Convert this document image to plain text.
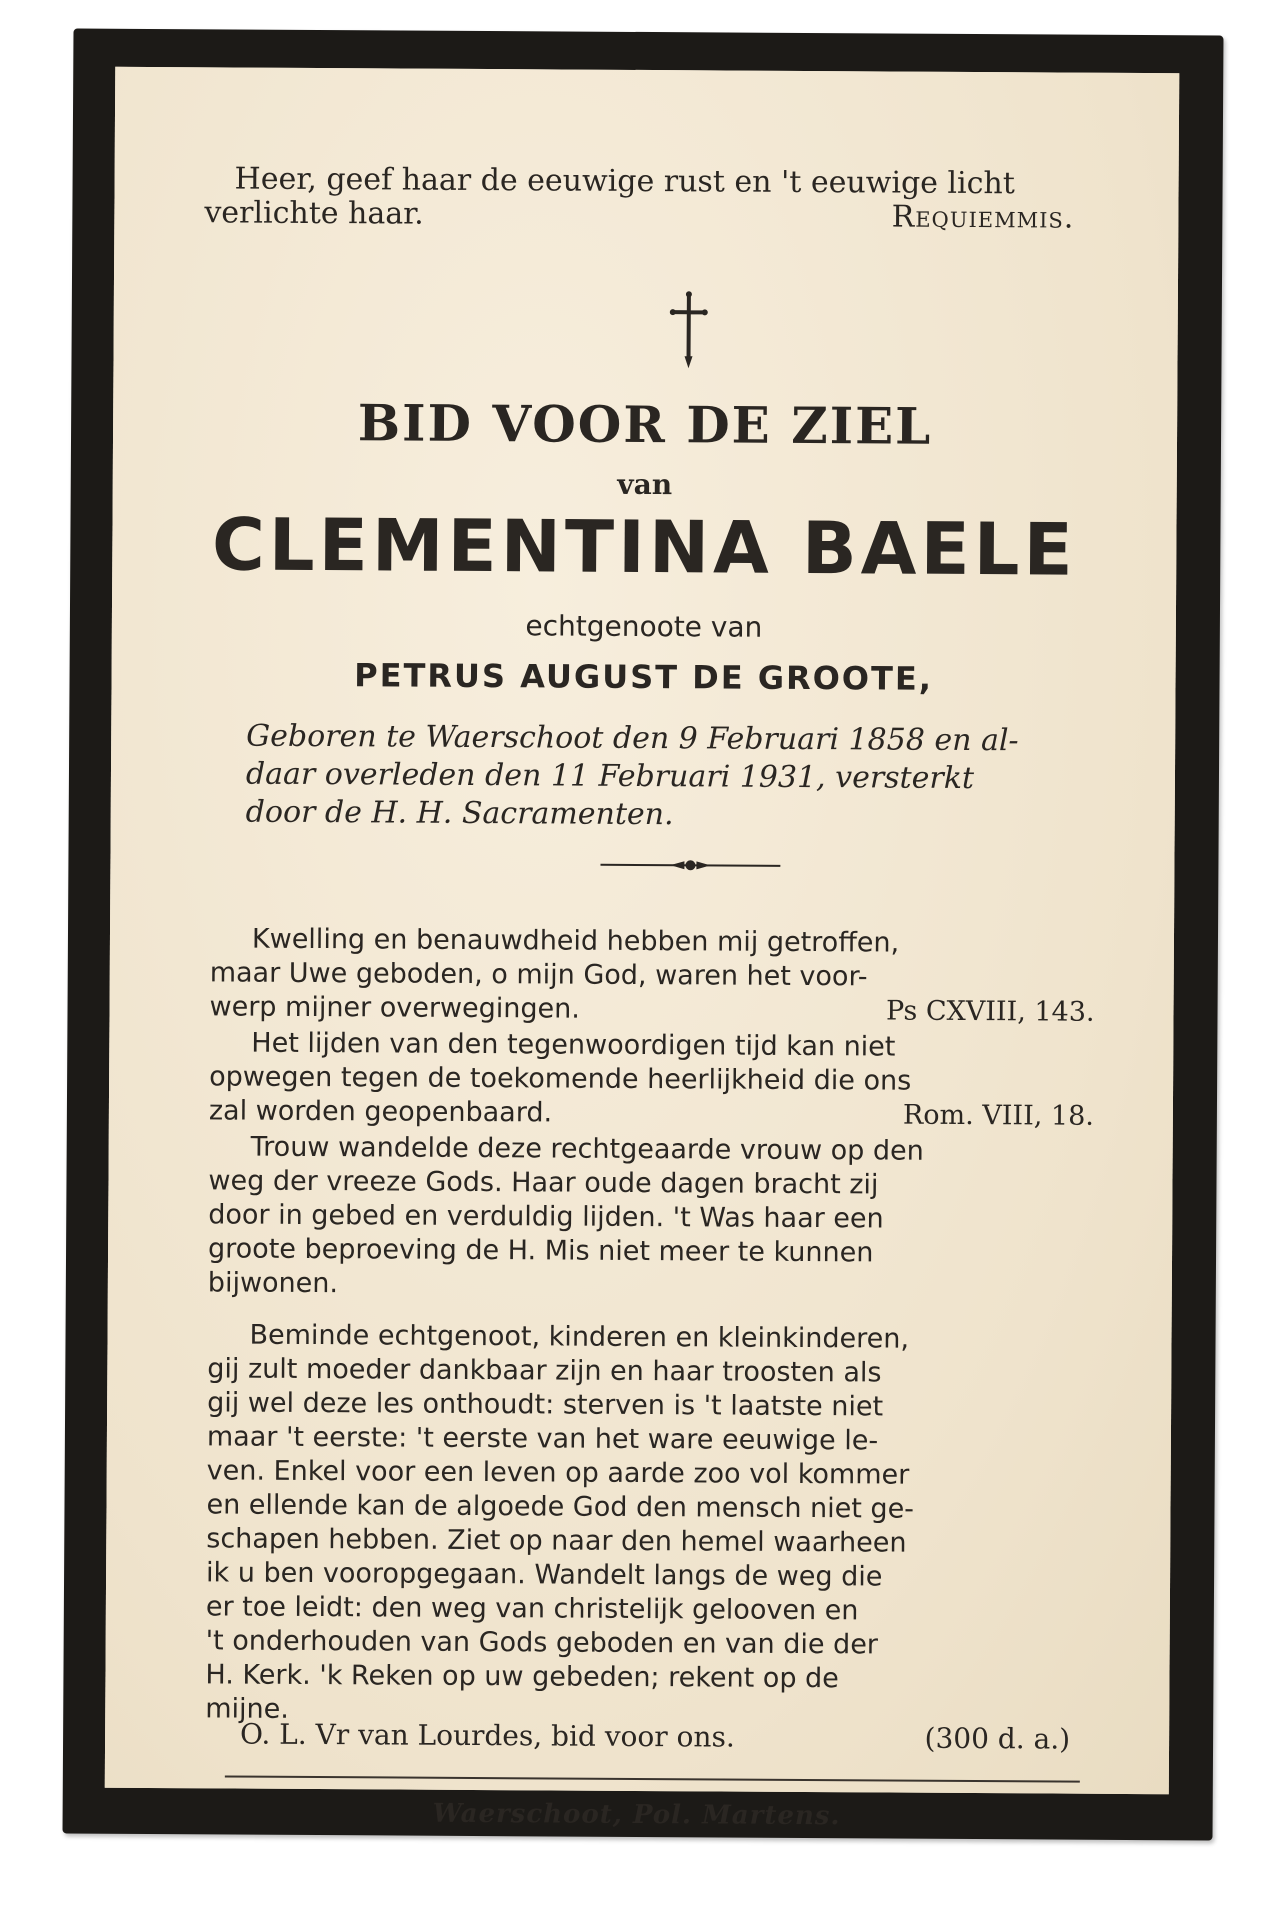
Heer, geef haar de eeuwige rust en 't eeuwige licht
verlichte haar.	Requiemmis.
BID VOOR DE ZIEL
van
CLEMENTINA BAELE
echtgenoote van
PETRUS AUGUST DE GROOTE,
Geboren te Waerschoot den 9 Februari 1858 en al-
daar overleden den 11 Februari 1931, versterkt
door de H. H. Sacramenten.
Kwelling en benauwdheid hebben mij getroffen,
maar Uwe geboden, o mijn God, waren het voor-
werp mijner overwegingen.	Ps CXVIII, 143.
Het lijden van den tegenwoordigen tijd kan niet
opwegen tegen de toekomende heerlijkheid die ons
zal worden geopenbaard.	Rom. VIII, 18.
Trouw wandelde deze rechtgeaarde vrouw op den
weg der vreeze Gods. Haar oude dagen bracht zij
door in gebed en verduldig lijden. 't Was haar een
groote beproeving de H. Mis niet meer te kunnen
bijwonen.
Beminde echtgenoot, kinderen en kleinkinderen,
gij zult moeder dankbaar zijn en haar troosten als
gij wel deze les onthoudt: sterven is 't laatste niet
maar 't eerste: 't eerste van het ware eeuwige le-
ven. Enkel voor een leven op aarde zoo vol kommer
en ellende kan de algoede God den mensch niet ge-
schapen hebben. Ziet op naar den hemel waarheen
ik u ben vooropgegaan. Wandelt langs de weg die
er toe leidt: den weg van christelijk gelooven en
't onderhouden van Gods geboden en van die der
H. Kerk. 'k Reken op uw gebeden; rekent op de
mijne.
O. L. Vr van Lourdes, bid voor ons.	(300 d. a.)
Waerschoot, Pol. Martens.
